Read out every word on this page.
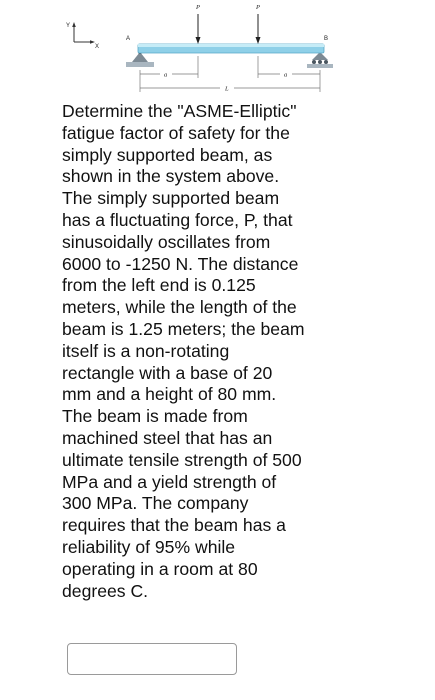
Y
X
A	B
P	P
a	a
L

Determine the "ASME-Elliptic"
fatigue factor of safety for the
simply supported beam, as
shown in the system above.
The simply supported beam
has a fluctuating force, P, that
sinusoidally oscillates from
6000 to -1250 N. The distance
from the left end is 0.125
meters, while the length of the
beam is 1.25 meters; the beam
itself is a non-rotating
rectangle with a base of 20
mm and a height of 80 mm.
The beam is made from
machined steel that has an
ultimate tensile strength of 500
MPa and a yield strength of
300 MPa. The company
requires that the beam has a
reliability of 95% while
operating in a room at 80
degrees C.
